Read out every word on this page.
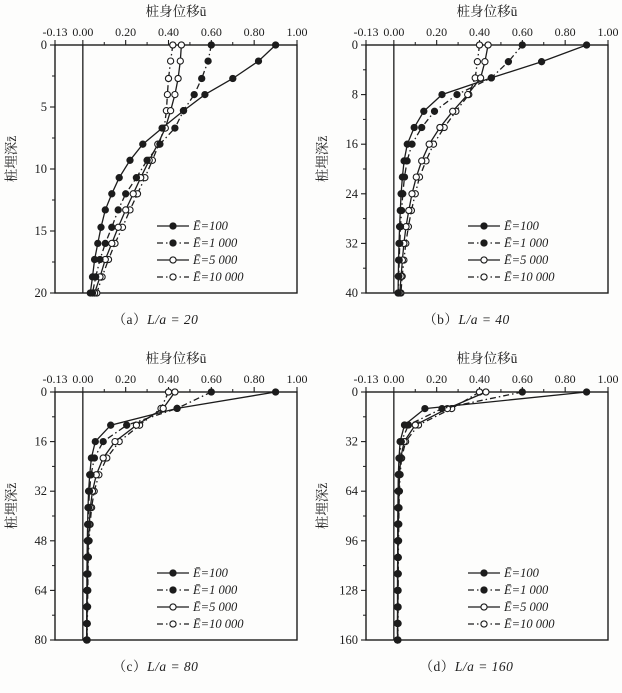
桩身位移ū
桩埋深z̄
-0.13 0.00 0.20 0.40 0.60 0.80 1.00
0
5
10
15
20
Ē=100
Ē=1 000
Ē=5 000
Ē=10 000
（a）L/a = 20
桩身位移ū
桩埋深z̄
-0.13 0.00 0.20 0.40 0.60 0.80 1.00
0
8
16
24
32
40
Ē=100
Ē=1 000
Ē=5 000
Ē=10 000
（b）L/a = 40
桩身位移ū
桩埋深z̄
-0.13 0.00 0.20 0.40 0.60 0.80 1.00
0
16
32
48
64
80
Ē=100
Ē=1 000
Ē=5 000
Ē=10 000
（c）L/a = 80
桩身位移ū
桩埋深z̄
-0.13 0.00 0.20 0.40 0.60 0.80 1.00
0
32
64
96
128
160
Ē=100
Ē=1 000
Ē=5 000
Ē=10 000
（d）L/a = 160
